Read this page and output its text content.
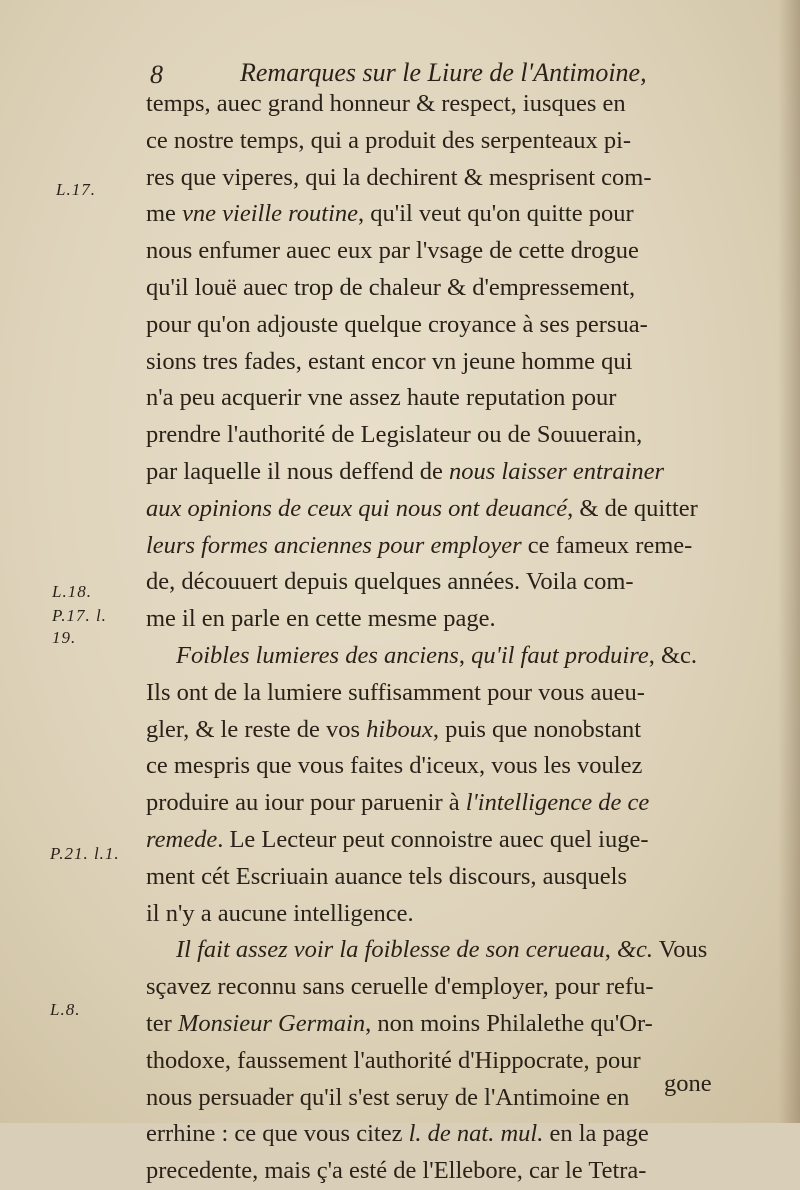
8	Remarques sur le Liure de l'Antimoine,
L.17.
L.18.
P.17. l.
19.
P.21. l.1.
L.8.
temps, auec grand honneur & respect, iusques en
ce nostre temps, qui a produit des serpenteaux pi-
res que viperes, qui la dechirent & mesprisent com-
me vne vieille routine, qu'il veut qu'on quitte pour
nous enfumer auec eux par l'vsage de cette drogue
qu'il louë auec trop de chaleur & d'empressement,
pour qu'on adjouste quelque croyance à ses persua-
sions tres fades, estant encor vn jeune homme qui
n'a peu acquerir vne assez haute reputation pour
prendre l'authorité de Legislateur ou de Souuerain,
par laquelle il nous deffend de nous laisser entrainer
aux opinions de ceux qui nous ont deuancé, & de quitter
leurs formes anciennes pour employer ce fameux reme-
de, découuert depuis quelques années. Voila com-
me il en parle en cette mesme page.
Foibles lumieres des anciens, qu'il faut produire, &c.
Ils ont de la lumiere suffisamment pour vous aueu-
gler, & le reste de vos hiboux, puis que nonobstant
ce mespris que vous faites d'iceux, vous les voulez
produire au iour pour paruenir à l'intelligence de ce
remede. Le Lecteur peut connoistre auec quel iuge-
ment cét Escriuain auance tels discours, ausquels
il n'y a aucune intelligence.
Il fait assez voir la foiblesse de son cerueau, &c. Vous
sçavez reconnu sans ceruelle d'employer, pour refu-
ter Monsieur Germain, non moins Philalethe qu'Or-
thodoxe, faussement l'authorité d'Hippocrate, pour
nous persuader qu'il s'est seruy de l'Antimoine en
errhine : ce que vous citez l. de nat. mul. en la page
precedente, mais ç'a esté de l'Ellebore, car le Tetra-
gone
